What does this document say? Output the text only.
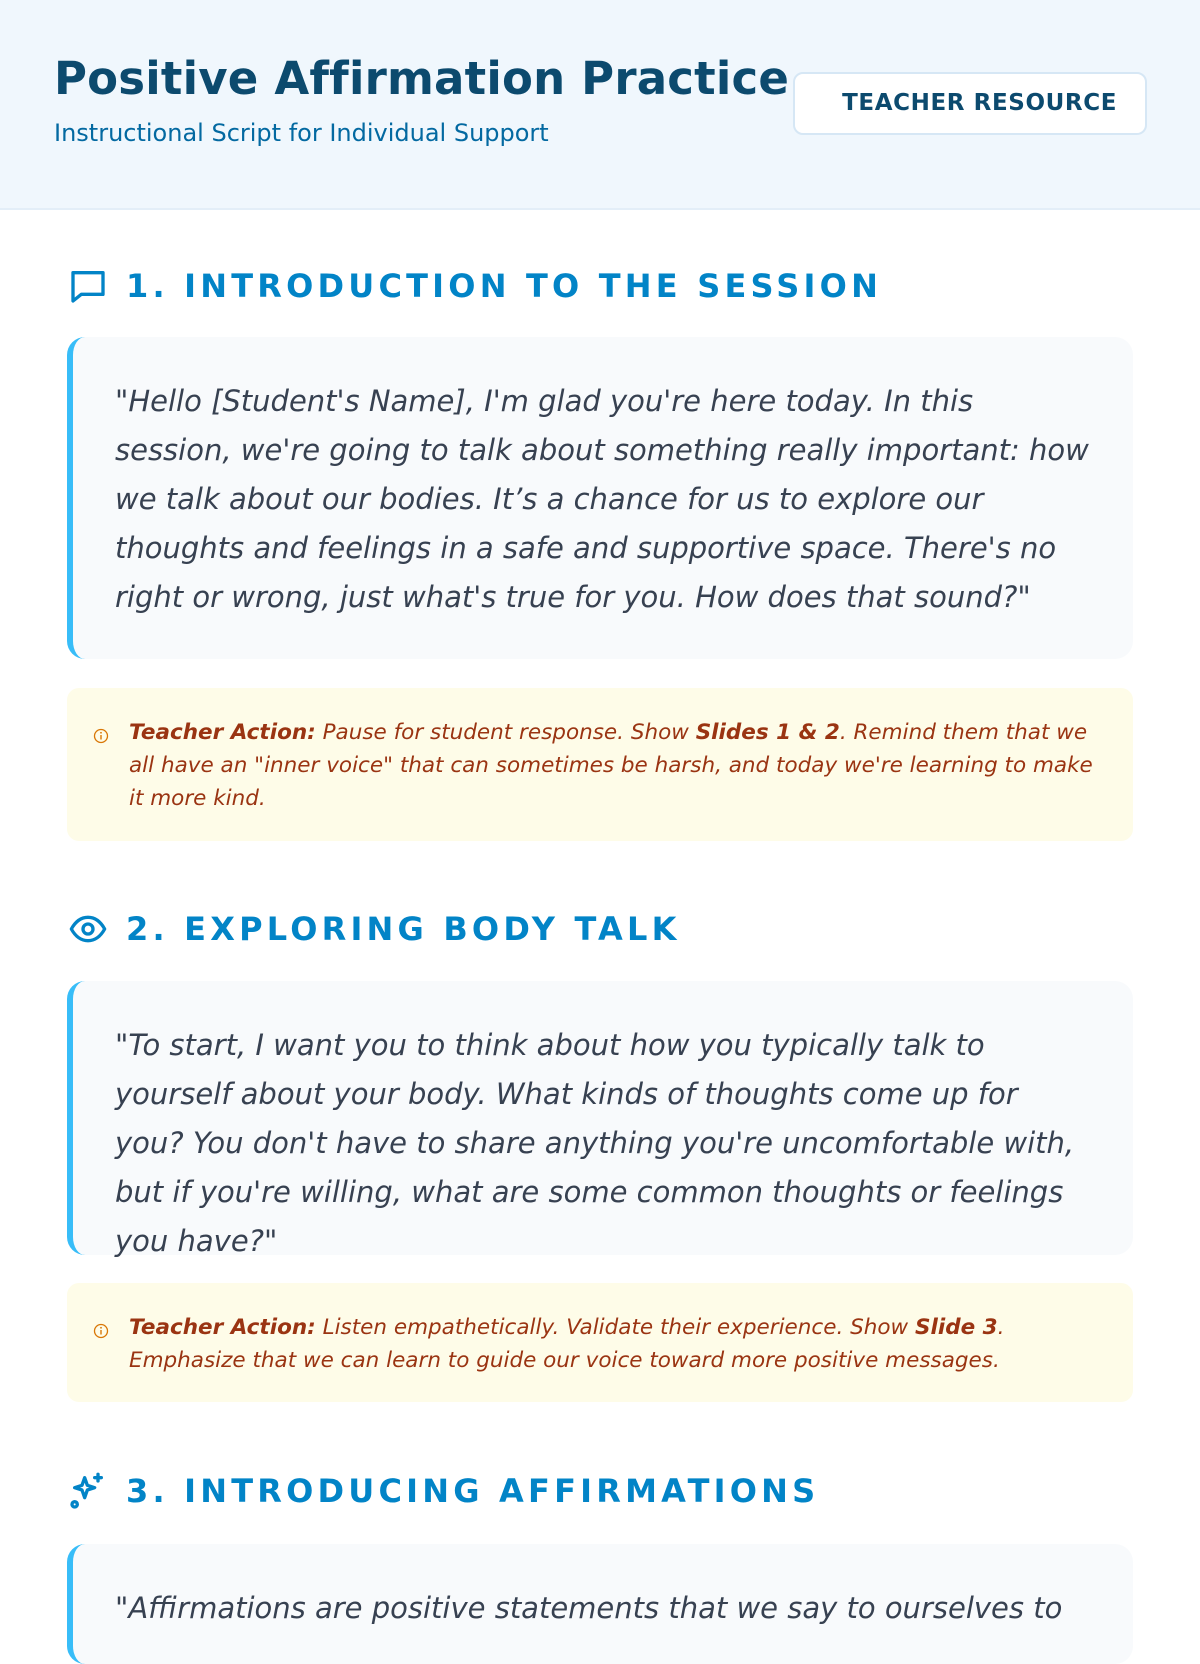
Positive Affirmation Practice
Instructional Script for Individual Support
TEACHER RESOURCE
1. INTRODUCTION TO THE SESSION
"Hello [Student's Name], I'm glad you're here today. In this session, we're going to talk about something really important: how we talk about our bodies. It’s a chance for us to explore our thoughts and feelings in a safe and supportive space. There's no right or wrong, just what's true for you. How does that sound?"
Teacher Action: Pause for student response. Show Slides 1 & 2. Remind them that we all have an "inner voice" that can sometimes be harsh, and today we're learning to make it more kind.
2. EXPLORING BODY TALK
"To start, I want you to think about how you typically talk to yourself about your body. What kinds of thoughts come up for you? You don't have to share anything you're uncomfortable with, but if you're willing, what are some common thoughts or feelings you have?"
Teacher Action: Listen empathetically. Validate their experience. Show Slide 3. Emphasize that we can learn to guide our voice toward more positive messages.
3. INTRODUCING AFFIRMATIONS
"Affirmations are positive statements that we say to ourselves to
